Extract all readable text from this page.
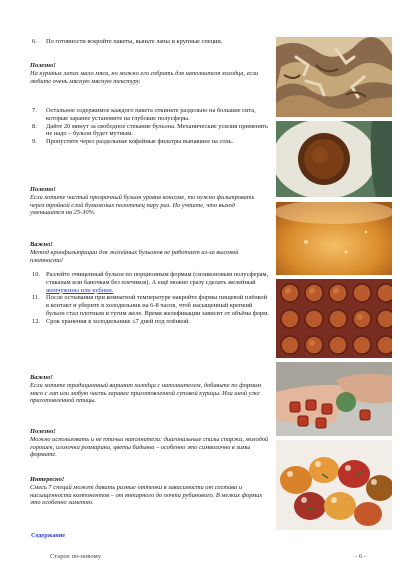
6. По готовности вскройте пакеты, выньте лапы и крупные специи.

Полезно!

На куриных лапах мало мяса, но можно его собрать для наполнителя холодца, если любите очень мясную мясную текстуру.

7. Остальное содержимое каждого пакета откиньте раздельно на большие сита, которые заранее установите на глубокие полусферы.

8. Дайте 20 минут за свободное стекание бульона. Механические усилия применять не надо – бульон будет мутным.

9. Пропустите через раздельные кофейные фильтры выпавшее на соль.

Полезно!

Если хотите чистый прозрачный бульон уровня консоме, то нужно фильтровать через тройной слой бумажных полотенец пару раз. Но учтите, что выход уменьшится на 25-30%.

Важно!

Метод криофильтрации для желейных бульонов не работает из-за высокой плотности!

10. Разлейте очищенный бульон по порционным формам (силиконовым полусферам, стаканам или баночкам без плечиков). А ещё можно сразу сделать желейный жемчужины или кубики.

11. После остывания при комнатной температуре накройте формы пищевой плёнкой в контакт и уберите в холодильник на 6-8 часов, чтоб насыщенный крепкий бульон стал плотным и тугим желе. Время желефикации зависит от объёма форм.

12. Срок хранения в холодильнике ≤7 дней под плёнкой.

Важно!

Если хотите традиционный вариант холодца с наполнителем, добавьте по формам мясо с лап или любую часть заранее приготовленной суповой курицы. Или иной уже приготовленной птицы.

Полезно!

Можно использовать и не птичьи наполнители: диагональные спилы спаржи, молодой горошек, иголочки розмарина, цветы бадьяна – особенно это символично в зимы формате.

Интересно!

Смесь 7 специй может давать разные оттенки в зависимости от состава и насыщенности компонентов – от янтарного до почти рубинового. В мелких формах это особенно заметно.

Содержание
Старое по-новому	- 6 -
